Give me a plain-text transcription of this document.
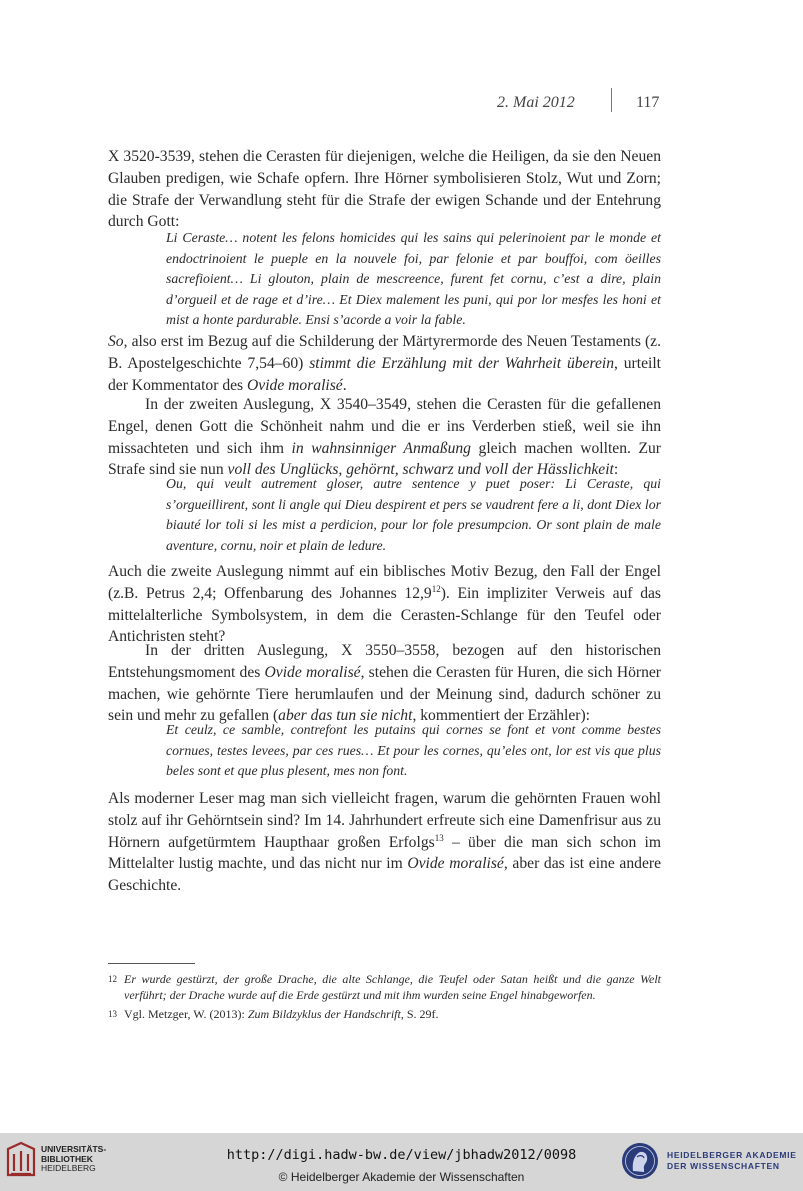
2. Mai 2012	117

X 3520-3539, stehen die Cerasten für diejenigen, welche die Heiligen, da sie den Neuen Glauben predigen, wie Schafe opfern. Ihre Hörner symbolisieren Stolz, Wut und Zorn; die Strafe der Verwandlung steht für die Strafe der ewigen Schande und der Entehrung durch Gott:

Li Ceraste… notent les felons homicides qui les sains qui pelerinoient par le monde et endoctrinoient le pueple en la nouvele foi, par felonie et par bouffoi, com öeilles sacrefioient… Li glouton, plain de mescreence, furent fet cornu, c’est a dire, plain d’orgueil et de rage et d’ire… Et Diex malement les puni, qui por lor mesfes les honi et mist a honte pardurable. Ensi s’acorde a voir la fable.

So, also erst im Bezug auf die Schilderung der Märtyrermorde des Neuen Testaments (z. B. Apostelgeschichte 7,54–60) stimmt die Erzählung mit der Wahrheit überein, urteilt der Kommentator des Ovide moralisé.

In der zweiten Auslegung, X 3540–3549, stehen die Cerasten für die gefallenen Engel, denen Gott die Schönheit nahm und die er ins Verderben stieß, weil sie ihn missachteten und sich ihm in wahnsinniger Anmaßung gleich machen wollten. Zur Strafe sind sie nun voll des Unglücks, gehörnt, schwarz und voll der Hässlichkeit:

Ou, qui veult autrement gloser, autre sentence y puet poser: Li Ceraste, qui s’orgueillirent, sont li angle qui Dieu despirent et pers se vaudrent fere a li, dont Diex lor biauté lor toli si les mist a perdicion, pour lor fole presumpcion. Or sont plain de male aventure, cornu, noir et plain de ledure.

Auch die zweite Auslegung nimmt auf ein biblisches Motiv Bezug, den Fall der Engel (z.B. Petrus 2,4; Offenbarung des Johannes 12,9$^{12}$). Ein impliziter Verweis auf das mittelalterliche Symbolsystem, in dem die Cerasten-Schlange für den Teufel oder Antichristen steht?

In der dritten Auslegung, X 3550–3558, bezogen auf den historischen Entstehungsmoment des Ovide moralisé, stehen die Cerasten für Huren, die sich Hörner machen, wie gehörnte Tiere herumlaufen und der Meinung sind, dadurch schöner zu sein und mehr zu gefallen (aber das tun sie nicht, kommentiert der Erzähler):

Et ceulz, ce samble, contrefont les putains qui cornes se font et vont comme bestes cornues, testes levees, par ces rues… Et pour les cornes, qu’eles ont, lor est vis que plus beles sont et que plus plesent, mes non font.

Als moderner Leser mag man sich vielleicht fragen, warum die gehörnten Frauen wohl stolz auf ihr Gehörntsein sind? Im 14. Jahrhundert erfreute sich eine Damenfrisur aus zu Hörnern aufgetürmtem Haupthaar großen Erfolgs$^{13}$ – über die man sich schon im Mittelalter lustig machte, und das nicht nur im Ovide moralisé, aber das ist eine andere Geschichte.

12 Er wurde gestürzt, der große Drache, die alte Schlange, die Teufel oder Satan heißt und die ganze Welt verführt; der Drache wurde auf die Erde gestürzt und mit ihm wurden seine Engel hinabgeworfen.

13 Vgl. Metzger, W. (2013): Zum Bildzyklus der Handschrift, S. 29f.

UNIVERSITÄTS-
BIBLIOTHEK
HEIDELBERG
http://digi.hadw-bw.de/view/jbhadw2012/0098
© Heidelberger Akademie der Wissenschaften
HEIDELBERGER AKADEMIE
DER WISSENSCHAFTEN
